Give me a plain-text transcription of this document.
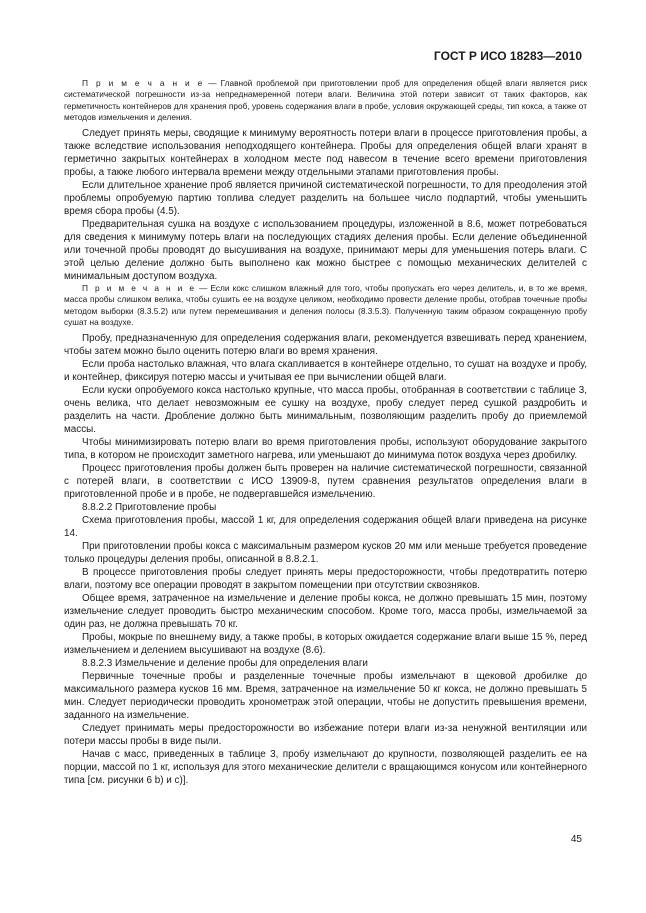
ГОСТ Р ИСО 18283—2010

П р и м е ч а н и е — Главной проблемой при приготовлении проб для определения общей влаги является риск систематической погрешности из-за непреднамеренной потери влаги. Величина этой потери зависит от таких факторов, как герметичность контейнеров для хранения проб, уровень содержания влаги в пробе, условия окружающей среды, тип кокса, а также от методов измельчения и деления.

Следует принять меры, сводящие к минимуму вероятность потери влаги в процессе приготовления пробы, а также вследствие использования неподходящего контейнера. Пробы для определения общей влаги хранят в герметично закрытых контейнерах в холодном месте под навесом в течение всего времени приготовления пробы, а также любого интервала времени между отдельными этапами приготовления пробы.

Если длительное хранение проб является причиной систематической погрешности, то для преодоления этой проблемы опробуемую партию топлива следует разделить на большее число подпартий, чтобы уменьшить время сбора пробы (4.5).

Предварительная сушка на воздухе с использованием процедуры, изложенной в 8.6, может потребоваться для сведения к минимуму потерь влаги на последующих стадиях деления пробы. Если деление объединенной или точечной пробы проводят до высушивания на воздухе, принимают меры для уменьшения потерь влаги. С этой целью деление должно быть выполнено как можно быстрее с помощью механических делителей с минимальным доступом воздуха.

П р и м е ч а н и е — Если кокс слишком влажный для того, чтобы пропускать его через делитель, и, в то же время, масса пробы слишком велика, чтобы сушить ее на воздухе целиком, необходимо провести деление пробы, отобрав точечные пробы методом выборки (8.3.5.2) или путем перемешивания и деления полосы (8.3.5.3). Полученную таким образом сокращенную пробу сушат на воздухе.

Пробу, предназначенную для определения содержания влаги, рекомендуется взвешивать перед хранением, чтобы затем можно было оценить потерю влаги во время хранения.

Если проба настолько влажная, что влага скапливается в контейнере отдельно, то сушат на воздухе и пробу, и контейнер, фиксируя потерю массы и учитывая ее при вычислении общей влаги.

Если куски опробуемого кокса настолько крупные, что масса пробы, отобранная в соответствии с таблице 3, очень велика, что делает невозможным ее сушку на воздухе, пробу следует перед сушкой раздробить и разделить на части. Дробление должно быть минимальным, позволяющим разделить пробу до приемлемой массы.

Чтобы минимизировать потерю влаги во время приготовления пробы, используют оборудование закрытого типа, в котором не происходит заметного нагрева, или уменьшают до минимума поток воздуха через дробилку.

Процесс приготовления пробы должен быть проверен на наличие систематической погрешности, связанной с потерей влаги, в соответствии с ИСО 13909-8, путем сравнения результатов определения влаги в приготовленной пробе и в пробе, не подвергавшейся измельчению.

8.8.2.2 Приготовление пробы

Схема приготовления пробы, массой 1 кг, для определения содержания общей влаги приведена на рисунке 14.

При приготовлении пробы кокса с максимальным размером кусков 20 мм или меньше требуется проведение только процедуры деления пробы, описанной в 8.8.2.1.

В процессе приготовления пробы следует принять меры предосторожности, чтобы предотвратить потерю влаги, поэтому все операции проводят в закрытом помещении при отсутствии сквозняков.

Общее время, затраченное на измельчение и деление пробы кокса, не должно превышать 15 мин, поэтому измельчение следует проводить быстро механическим способом. Кроме того, масса пробы, измельчаемой за один раз, не должна превышать 70 кг.

Пробы, мокрые по внешнему виду, а также пробы, в которых ожидается содержание влаги выше 15 %, перед измельчением и делением высушивают на воздухе (8.6).

8.8.2.3 Измельчение и деление пробы для определения влаги

Первичные точечные пробы и разделенные точечные пробы измельчают в щековой дробилке до максимального размера кусков 16 мм. Время, затраченное на измельчение 50 кг кокса, не должно превышать 5 мин. Следует периодически проводить хронометраж этой операции, чтобы не допустить превышения времени, заданного на измельчение.

Следует принимать меры предосторожности во избежание потери влаги из-за ненужной вентиляции или потери массы пробы в виде пыли.

Начав с масс, приведенных в таблице 3, пробу измельчают до крупности, позволяющей разделить ее на порции, массой по 1 кг, используя для этого механические делители с вращающимся конусом или контейнерного типа [см. рисунки 6 b) и c)].

45
